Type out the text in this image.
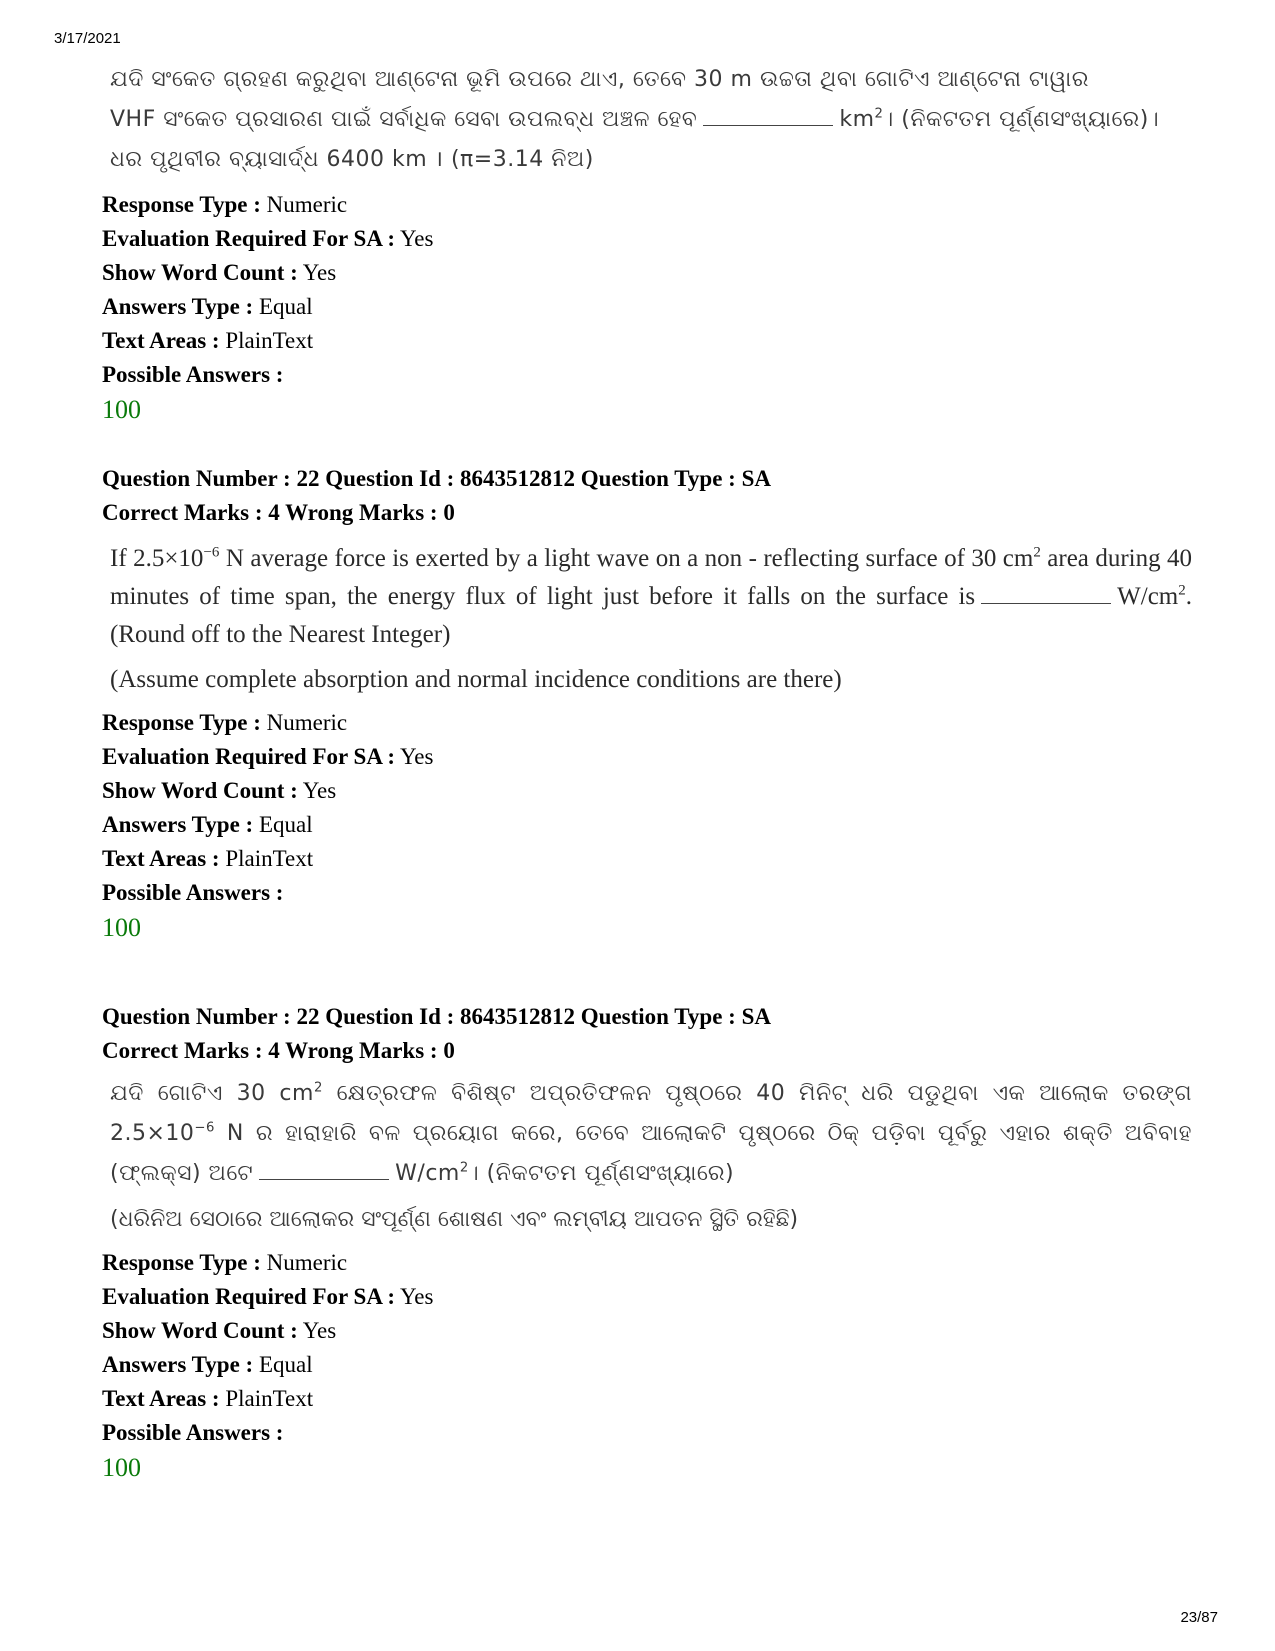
3/17/2021
ଯଦି ସଂକେତ ଗ୍ରହଣ କରୁଥିବା ଆଣ୍ଟେନା ଭୂମି ଉପରେ ଥାଏ, ତେବେ 30 m ଉଚ୍ଚତା ଥିବା ଗୋଟିଏ ଆଣ୍ଟେନା ଟାୱାର
VHF ସଂକେତ ପ୍ରସାରଣ ପାଇଁ ସର୍ବାଧିକ ସେବା ଉପଲବ୍ଧ ଅଞ୍ଚଳ ହେବ	$km^2।$ (ନିକଟତମ ପୂର୍ଣ୍ଣସଂଖ୍ୟାରେ)।
ଧର ପୃଥିବୀର ବ୍ୟାସାର୍ଦ୍ଧ 6400 km । (π=3.14 ନିଅ)
Response Type : Numeric
Evaluation Required For SA : Yes
Show Word Count : Yes
Answers Type : Equal
Text Areas : PlainText
Possible Answers :
100
Question Number : 22 Question Id : 8643512812 Question Type : SA
Correct Marks : 4 Wrong Marks : 0
If $2.5\times 10^{-6}$ N average force is exerted by a light wave on a non - reflecting surface of 30 $cm^2$ area during 40 minutes of time span, the energy flux of light just before it falls on the surface is	$W/cm^2$. (Round off to the Nearest Integer)
(Assume complete absorption and normal incidence conditions are there)
Response Type : Numeric
Evaluation Required For SA : Yes
Show Word Count : Yes
Answers Type : Equal
Text Areas : PlainText
Possible Answers :
100
Question Number : 22 Question Id : 8643512812 Question Type : SA
Correct Marks : 4 Wrong Marks : 0
ଯଦି ଗୋଟିଏ 30 $cm^2$ କ୍ଷେତ୍ରଫଳ ବିଶିଷ୍ଟ ଅପ୍ରତିଫଳନ ପୃଷ୍ଠରେ 40 ମିନିଟ୍ ଧରି ପଡୁଥିବା ଏକ ଆଲୋକ ତରଙ୍ଗ $2.5\times 10^{-6}$ N ର ହାରାହାରି ବଳ ପ୍ରୟୋଗ କରେ, ତେବେ ଆଲୋକଟି ପୃଷ୍ଠରେ ଠିକ୍ ପଡ଼ିବା ପୂର୍ବରୁ ଏହାର ଶକ୍ତି ଅବିବାହ (ଫ୍ଲକ୍ସ) ଅଟେ	$W/cm^2।$ (ନିକଟତମ ପୂର୍ଣ୍ଣସଂଖ୍ୟାରେ)
(ଧରିନିଅ ସେଠାରେ ଆଲୋକର ସଂପୂର୍ଣ୍ଣ ଶୋଷଣ ଏବଂ ଲମ୍ବୀୟ ଆପତନ ସ୍ଥିତି ରହିଛି)
Response Type : Numeric
Evaluation Required For SA : Yes
Show Word Count : Yes
Answers Type : Equal
Text Areas : PlainText
Possible Answers :
100
23/87
